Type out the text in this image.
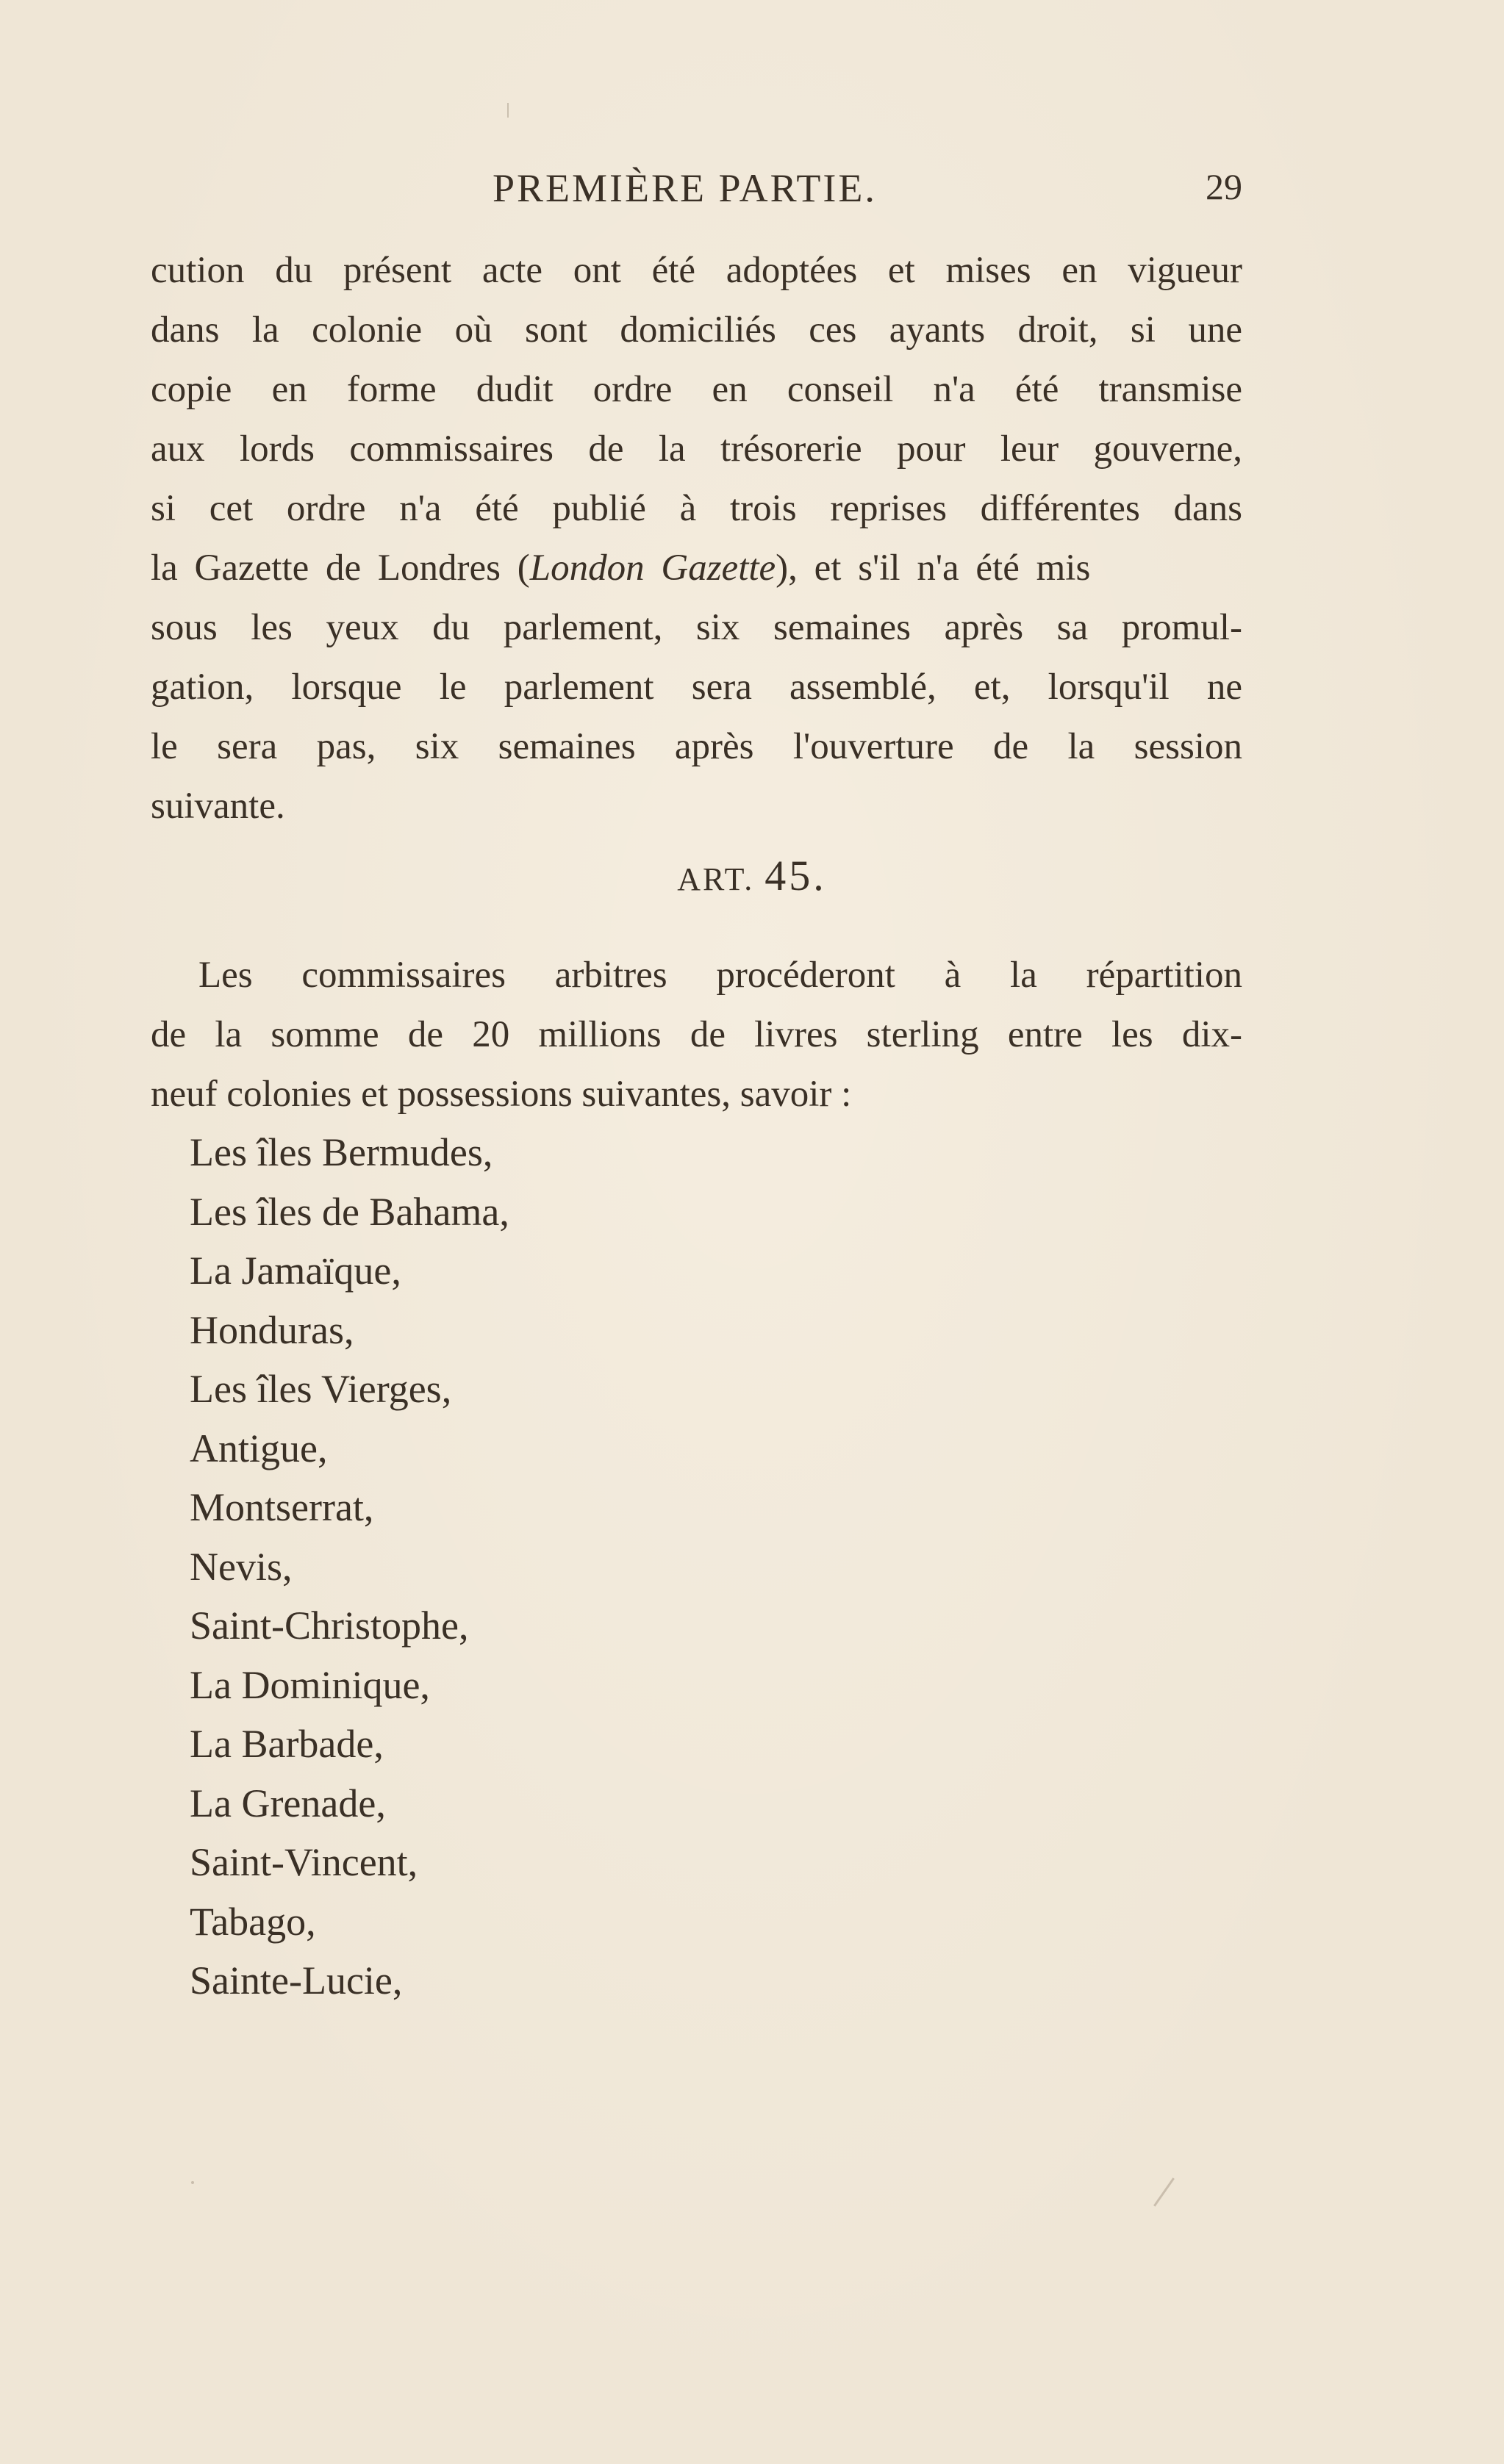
PREMIÈRE PARTIE.	29
cution du présent acte ont été adoptées et mises en vigueur
dans la colonie où sont domiciliés ces ayants droit, si une
copie en forme dudit ordre en conseil n'a été transmise
aux lords commissaires de la trésorerie pour leur gouverne,
si cet ordre n'a été publié à trois reprises différentes dans
la Gazette de Londres (London Gazette), et s'il n'a été mis
sous les yeux du parlement, six semaines après sa promul-
gation, lorsque le parlement sera assemblé, et, lorsqu'il ne
le sera pas, six semaines après l'ouverture de la session
suivante.
ART. 45.
Les commissaires arbitres procéderont à la répartition
de la somme de 20 millions de livres sterling entre les dix-
neuf colonies et possessions suivantes, savoir :
Les îles Bermudes,
Les îles de Bahama,
La Jamaïque,
Honduras,
Les îles Vierges,
Antigue,
Montserrat,
Nevis,
Saint-Christophe,
La Dominique,
La Barbade,
La Grenade,
Saint-Vincent,
Tabago,
Sainte-Lucie,
